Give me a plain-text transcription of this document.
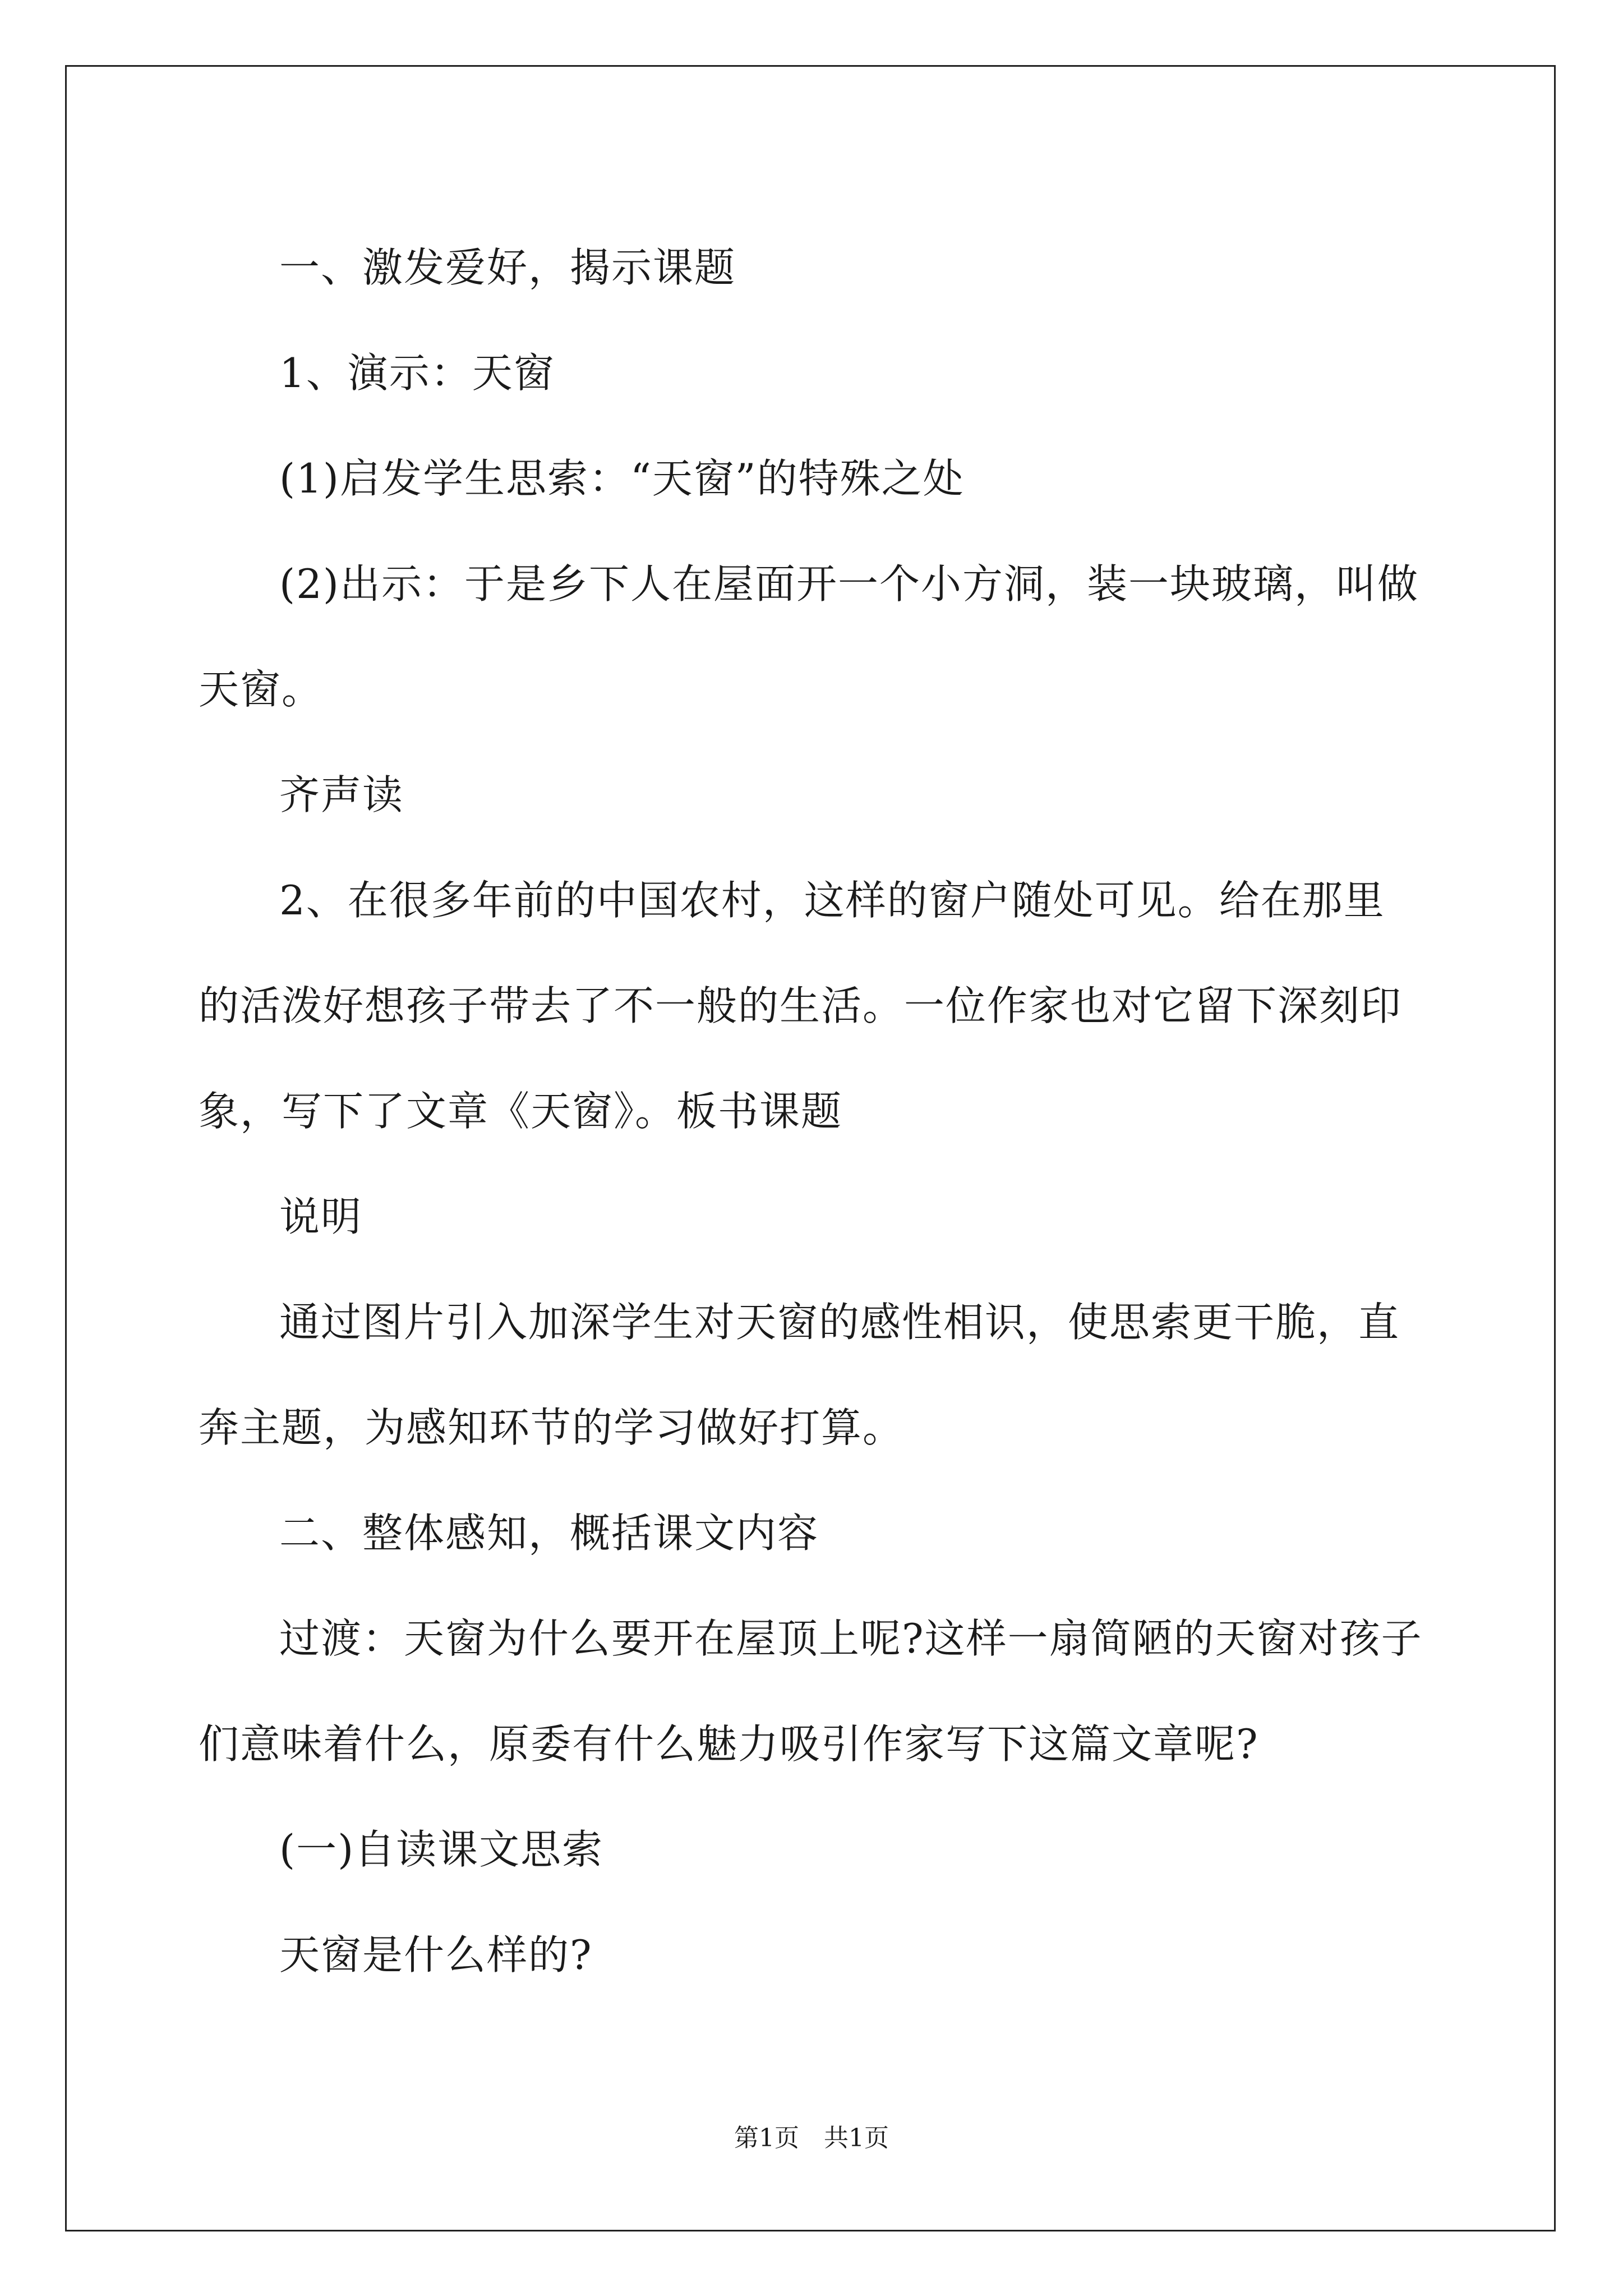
一、激发爱好，揭示课题

1、演示：天窗

(1)启发学生思索：“天窗”的特殊之处

(2)出示：于是乡下人在屋面开一个小方洞，装一块玻璃，叫做天窗。

齐声读

2、在很多年前的中国农村，这样的窗户随处可见。给在那里的活泼好想孩子带去了不一般的生活。一位作家也对它留下深刻印象，写下了文章《天窗》。板书课题

说明

通过图片引入加深学生对天窗的感性相识，使思索更干脆，直奔主题，为感知环节的学习做好打算。

二、整体感知，概括课文内容

过渡：天窗为什么要开在屋顶上呢?这样一扇简陋的天窗对孩子们意味着什么，原委有什么魅力吸引作家写下这篇文章呢?

(一)自读课文思索

天窗是什么样的?

第1页 共1页
